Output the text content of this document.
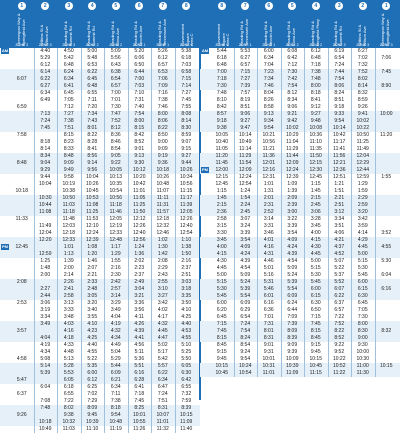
1
Greenspan Way &
Springfield Ave
ZONE 3
2
Wilkins St &
Wilson Ave
ZONE 3
3
Reading Rd &
Summit Rd
ZONE 3
4
Reading Rd &
Summit Rd
ZONE 2
5
Reading Rd &
Closa Ave
ZONE 2
6
Reading Rd &
Lincoln Ave
ZONE 1
7
Reading Rd &
Tennessee Ave
ZONE 1
8
Government Square
Area C
ZONE 1
AM	4:40	4:50	5:00	5:09	5:20	5:26	5:38
5:29	5:42	5:48	5:56	6:06	6:12	6:18
6:12	6:48	6:53	6:43	6:50	6:57	7:03
6:14	6:24	6:22	6:38	6:44	6:53	6:58
6:07	6:22	6:34	6:45	6:54	7:00	7:06	7:15
6:27	6:41	6:48	6:57	7:03	7:09	7:14
6:34	6:45	6:55	7:00	7:10	7:16	7:27
6:49	7:05	7:11	7:01	7:31	7:38	7:45
6:59	7:12	7:20	7:30	7:40	7:46	7:55
7:13	7:27	7:34	7:47	7:54	8:00	8:08
7:24	7:38	7:43	7:52	8:00	8:06	8:14
7:45	7:51	8:01	8:12	8:15	8:22	8:30
7:58	8:15	8:22	8:36	8:42	8:50	8:59
8:18	8:23	8:28	8:46	8:52	9:00	9:07
8:14	8:33	8:41	8:54	9:01	9:09	9:15
8:34	8:48	8:56	9:05	9:13	9:19	9:27
8:48	9:04	9:09	9:14	9:22	9:30	9:36	9:44
9:29	9:49	9:56	10:05	10:12	10:18	10:26
9:44	9:58	10:04	10:13	10:20	10:26	10:34
10:04	10:19	10:26	10:35	10:42	10:48	10:56
10:18	10:38	10:45	10:54	11:01	11:07	11:15
10:30	10:50	10:53	10:56	11:05	11:11	11:17
10:44	11:03	11:08	11:18	11:25	11:31	11:39
11:08	11:18	11:25	11:46	11:50	11:57	12:05
11:33	11:48	11:53	12:05	12:12	12:18	12:26
11:49	12:03	12:10	12:19	12:26	12:32	12:40
12:04	12:18	12:24	12:33	12:40	12:46	12:54
12:20	12:33	12:39	12:48	12:56	1:02	1:10
PM	12:45	1:01	1:08	1:17	1:24	1:30	1:38
12:59	1:13	1:20	1:29	1:36	1:42	1:50
1:25	1:39	1:46	1:55	2:02	2:08	2:16
1:48	2:00	2:07	2:16	2:23	2:29	2:37
2:00	2:14	2:21	2:30	2:37	2:43	2:51
2:08	2:26	2:33	2:42	2:49	2:55	3:03
2:27	2:41	2:48	2:57	3:04	3:10	3:18
2:44	2:58	3:05	3:14	3:21	3:27	3:35
2:53	3:06	3:13	3:20	3:29	3:36	3:42	3:50
3:19	3:33	3:40	3:49	3:56	4:02	4:10
3:34	3:48	3:55	4:04	4:11	4:17	4:25
3:49	4:03	4:10	4:19	4:26	4:32	4:40
3:57	4:16	4:23	4:32	4:39	4:45	4:53
4:04	4:18	4:25	4:34	4:41	4:47	4:55
4:19	4:33	4:40	4:49	4:56	5:02	5:10
4:34	4:48	4:55	5:04	5:11	5:17	5:25
4:58	5:08	5:13	5:22	5:29	5:36	5:42	5:50
5:14	5:28	5:35	5:44	5:51	5:57	6:05
5:39	5:53	6:00	6:09	6:16	6:22	6:30
5:47	6:05	6:12	6:21	6:28	6:34	6:42
6:04	6:18	6:25	6:34	6:41	6:47	6:55
6:37	6:55	7:02	7:11	7:18	7:24	7:32
7:08	7:22	7:29	7:38	7:45	7:51	7:59
7:48	8:02	8:09	8:18	8:25	8:31	8:39
9:26	9:38	9:45	9:54	10:01	10:07	10:15
10:18	10:32	10:39	10:48	10:55	11:01	11:09
10:49	11:03	11:10	11:19	11:26	11:32	11:40
8
Government Square
Area C
ZONE 1
7
Reading Rd &
Tennessee Ave
ZONE 1
6
Reading Rd &
Lincoln Ave
ZONE 1
5
Reading Rd &
Closa Ave
ZONE 2
4
Reading Rd &
Longfield Pkwy
ZONE 2
3
Reading Rd &
Summit Rd
ZONE 3
2
Wilkins St &
Wilson Ave
ZONE 3
1
Greenspan Way &
Springfield Ave
ZONE 3
AM	5:44	5:53	6:00	6:08	6:12	6:19	6:27
6:18	6:27	6:34	6:42	6:48	6:54	7:02	7:06
6:48	6:57	7:04	7:12	7:18	7:24	7:32
7:00	7:15	7:23	7:30	7:38	7:44	7:52	7:45
7:18	7:27	7:34	7:42	7:48	7:54	8:02
7:30	7:39	7:46	7:54	8:00	8:06	8:14	8:90
7:48	7:57	8:04	8:12	8:18	8:24	8:32
8:10	8:19	8:26	8:34	8:41	8:51	8:59
8:42	8:51	8:58	9:06	9:12	9:18	9:26
8:57	9:06	9:13	9:21	9:27	9:33	9:41	10:00
9:18	9:27	9:34	9:42	9:48	9:54	10:02
9:38	9:47	9:54	10:02	10:08	10:14	10:22
10:05	10:14	10:21	10:29	10:36	10:42	10:50	11:20
10:40	10:49	10:56	11:04	11:10	11:17	11:25
11:05	11:14	11:21	11:29	11:35	11:41	11:49
11:20	11:29	11:36	11:44	11:50	11:56	12:04
11:45	11:54	12:01	12:09	12:15	12:21	12:29
PM	12:00	12:09	12:16	12:24	12:30	12:36	12:44
12:15	12:24	12:31	12:39	12:45	12:51	12:59	1:55
12:45	12:54	1:01	1:09	1:15	1:21	1:29
1:15	1:24	1:31	1:39	1:45	1:51	1:59
1:45	1:54	2:01	2:09	2:15	2:21	2:29
2:15	2:24	2:31	2:39	2:45	2:51	2:59
2:36	2:45	2:52	3:00	3:06	3:12	3:20
2:58	3:07	3:14	3:22	3:28	3:34	3:42
3:15	3:24	3:31	3:39	3:45	3:51	3:59
3:30	3:39	3:46	3:54	4:00	4:06	4:14	3:52
3:45	3:54	4:01	4:09	4:15	4:21	4:29
4:00	4:09	4:16	4:24	4:30	4:37	4:45	4:55
4:15	4:24	4:31	4:39	4:45	4:52	5:00
4:30	4:39	4:46	4:54	5:00	5:07	5:15	5:30
4:45	4:54	5:01	5:09	5:15	5:22	5:30
5:00	5:09	5:16	5:24	5:30	5:37	5:45	6:04
5:15	5:24	5:31	5:39	5:45	5:52	6:00
5:30	5:39	5:46	5:54	6:00	6:07	6:15	6:16
5:45	5:54	6:01	6:09	6:15	6:22	6:30
6:00	6:09	6:16	6:24	6:30	6:37	6:45
6:20	6:29	6:36	6:44	6:50	6:57	7:05
6:45	6:54	7:01	7:09	7:15	7:22	7:30
7:15	7:24	7:31	7:39	7:45	7:52	8:00
7:45	7:54	8:01	8:09	8:15	8:22	8:30	8:32
8:15	8:24	8:31	8:39	8:45	8:52	9:00
8:45	8:54	9:01	9:09	9:15	9:22	9:30
9:15	9:24	9:31	9:39	9:45	9:52	10:00
9:45	9:54	10:01	10:09	10:15	10:22	10:30
10:15	10:24	10:31	10:39	10:45	10:52	11:00	10:15
10:45	10:54	11:01	11:09	11:15	11:22	11:30
